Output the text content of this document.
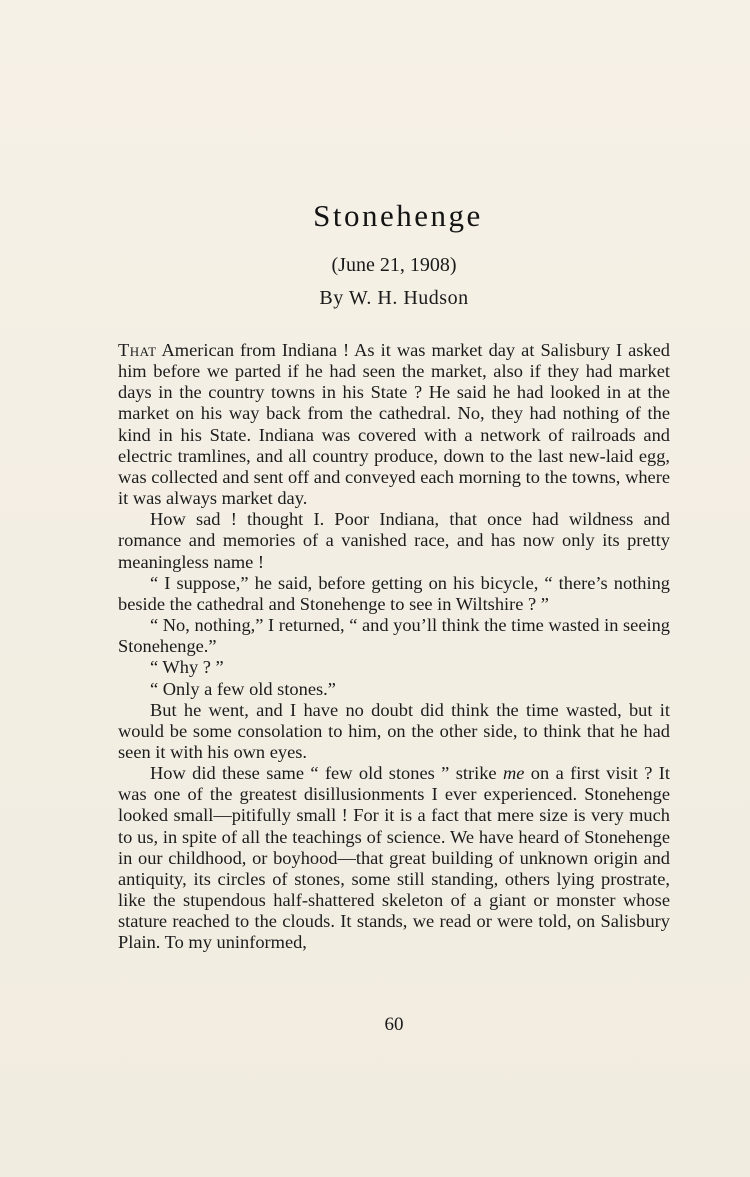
Stonehenge
(June 21, 1908)
By W. H. Hudson

That American from Indiana ! As it was market day at Salisbury I asked him before we parted if he had seen the market, also if they had market days in the country towns in his State ? He said he had looked in at the market on his way back from the cathedral. No, they had nothing of the kind in his State. Indiana was covered with a network of railroads and electric tramlines, and all country produce, down to the last new-laid egg, was collected and sent off and conveyed each morning to the towns, where it was always market day.

How sad ! thought I. Poor Indiana, that once had wildness and romance and memories of a vanished race, and has now only its pretty meaningless name !

“ I suppose,” he said, before getting on his bicycle, “ there’s nothing beside the cathedral and Stonehenge to see in Wiltshire ? ”

“ No, nothing,” I returned, “ and you’ll think the time wasted in seeing Stonehenge.”

“ Why ? ”

“ Only a few old stones.”

But he went, and I have no doubt did think the time wasted, but it would be some consolation to him, on the other side, to think that he had seen it with his own eyes.

How did these same “ few old stones ” strike me on a first visit ? It was one of the greatest disillusionments I ever experienced. Stonehenge looked small—pitifully small ! For it is a fact that mere size is very much to us, in spite of all the teachings of science. We have heard of Stonehenge in our childhood, or boyhood—that great building of unknown origin and antiquity, its circles of stones, some still standing, others lying prostrate, like the stupendous half-shattered skeleton of a giant or monster whose stature reached to the clouds. It stands, we read or were told, on Salisbury Plain. To my uninformed,

60
